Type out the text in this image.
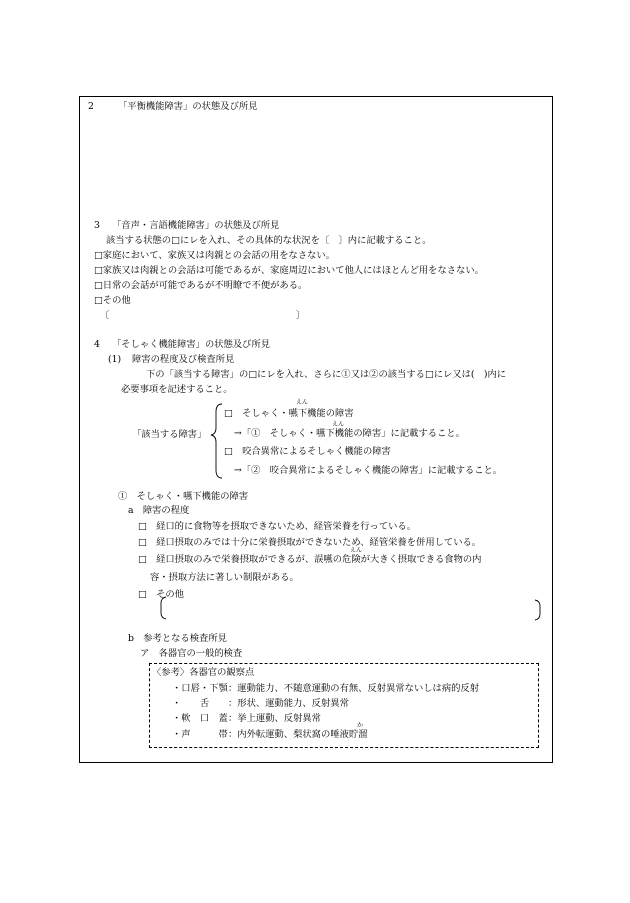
2	「平衡機能障害」の状態及び所見
3 「音声・言語機能障害」の状態及び所見
該当する状態の□にレを入れ、その具体的な状況を〔　〕内に記載すること。
□家庭において、家族又は肉親との会話の用をなさない。
□家族又は肉親との会話は可能であるが、家庭周辺において他人にはほとんど用をなさない。
□日常の会話が可能であるが不明瞭で不便がある。
□その他
〔	〕
4 「そしゃく機能障害」の状態及び所見
(1) 障害の程度及び検査所見
下の「該当する障害」の□にレを入れ、さらに①又は②の該当する□にレ又は(　)内に
必要事項を記述すること。
「該当する障害」
えん
□　そしゃく・嚥下機能の障害
えん
→「①　そしゃく・嚥下機能の障害」に記載すること。
□　咬合異常によるそしゃく機能の障害
→「②　咬合異常によるそしゃく機能の障害」に記載すること。
①　そしゃく・嚥下機能の障害
a　障害の程度
□　経口的に食物等を摂取できないため、経管栄養を行っている。
□　経口摂取のみでは十分に栄養摂取ができないため、経管栄養を併用している。
えん
□　経口摂取のみで栄養摂取ができるが、誤嚥の危険が大きく摂取できる食物の内
容・摂取方法に著しい制限がある。
□　その他
b　参考となる検査所見
ア　各器官の一般的検査
〈参考〉各器官の観察点
・口唇・下顎 ：運動能力、不随意運動の有無、反射異常ないしは病的反射
・　　舌 ：形状、運動能力、反射異常
・軟　口　蓋 ：挙上運動、反射異常
か
・声　　　帯 ：内外転運動、梨状窩の唾液貯溜
